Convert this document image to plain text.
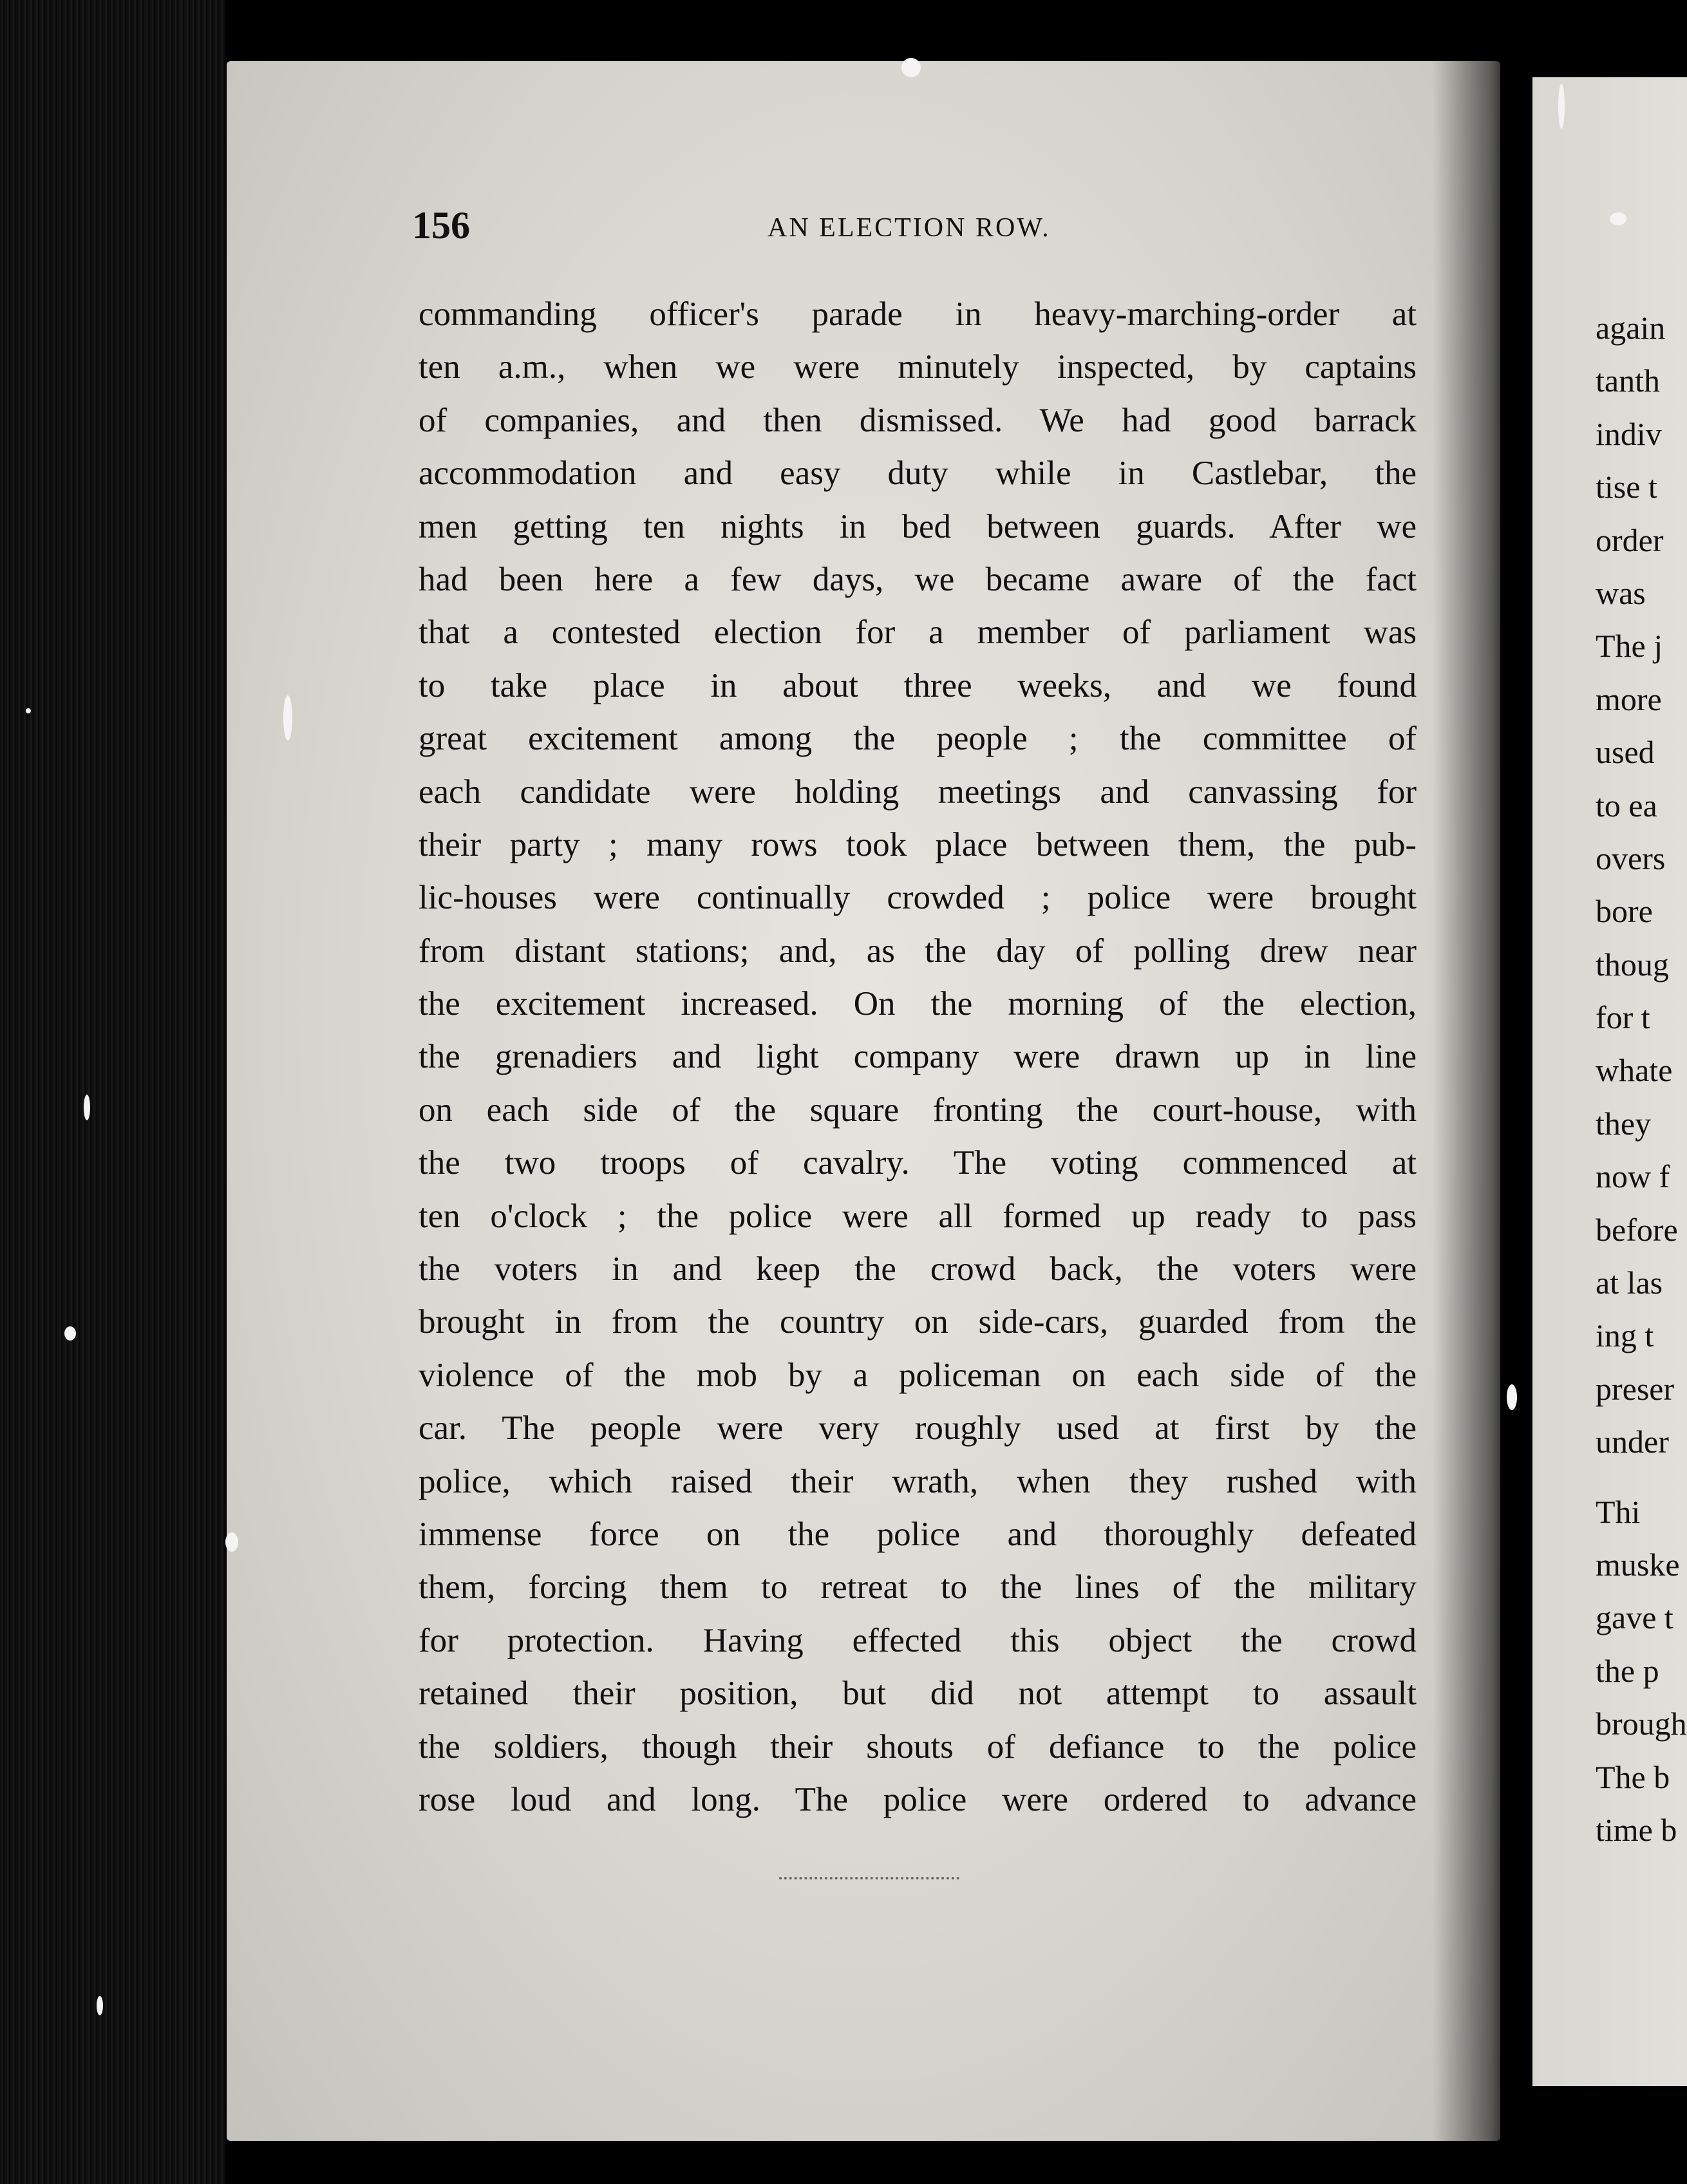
156	AN ELECTION ROW.
commanding officer's parade in heavy-marching-order at
ten a.m., when we were minutely inspected, by captains
of companies, and then dismissed. We had good barrack
accommodation and easy duty while in Castlebar, the
men getting ten nights in bed between guards. After we
had been here a few days, we became aware of the fact
that a contested election for a member of parliament was
to take place in about three weeks, and we found
great excitement among the people ; the committee of
each candidate were holding meetings and canvassing for
their party ; many rows took place between them, the pub-
lic-houses were continually crowded ; police were brought
from distant stations; and, as the day of polling drew near
the excitement increased. On the morning of the election,
the grenadiers and light company were drawn up in line
on each side of the square fronting the court-house, with
the two troops of cavalry. The voting commenced at
ten o'clock ; the police were all formed up ready to pass
the voters in and keep the crowd back, the voters were
brought in from the country on side-cars, guarded from the
violence of the mob by a policeman on each side of the
car. The people were very roughly used at first by the
police, which raised their wrath, when they rushed with
immense force on the police and thoroughly defeated
them, forcing them to retreat to the lines of the military
for protection. Having effected this object the crowd
retained their position, but did not attempt to assault
the soldiers, though their shouts of defiance to the police
rose loud and long. The police were ordered to advance
again
tanth
indiv
tise t
order
was
The j
more
used
to ea
overs
bore
thoug
for t
whate
they
now f
before
at las
ing t
preser
under
Thi
muske
gave t
the p
brough
The b
time b
